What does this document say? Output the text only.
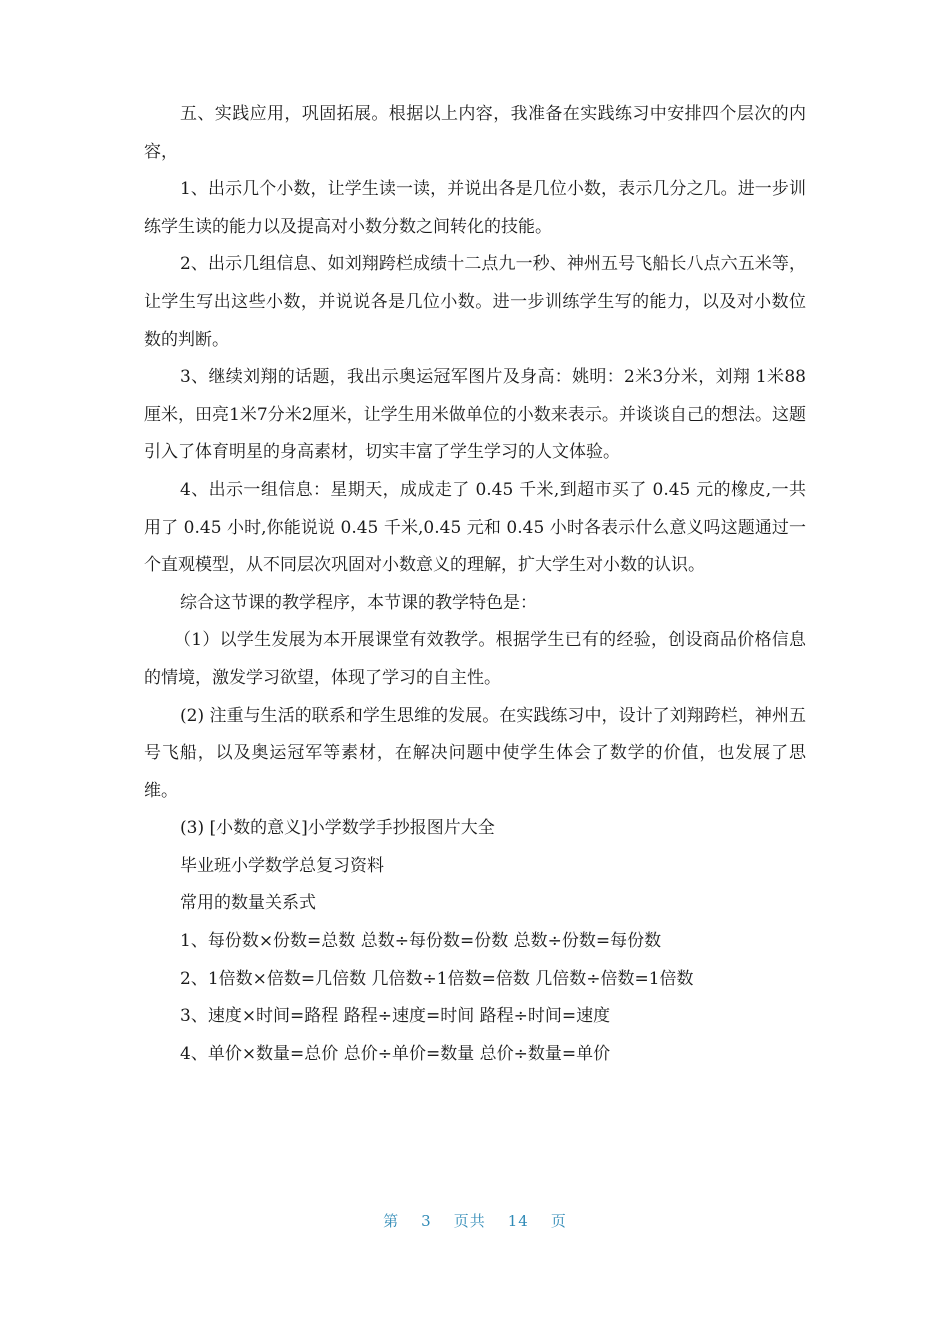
五、实践应用，巩固拓展。根据以上内容，我准备在实践练习中安排四个层次的内容，

1、出示几个小数，让学生读一读，并说出各是几位小数，表示几分之几。进一步训练学生读的能力以及提高对小数分数之间转化的技能。

2、出示几组信息、如刘翔跨栏成绩十二点九一秒、神州五号飞船长八点六五米等，让学生写出这些小数，并说说各是几位小数。进一步训练学生写的能力，以及对小数位数的判断。

3、继续刘翔的话题，我出示奥运冠军图片及身高：姚明：2米3分米，刘翔 1米88厘米，田亮1米7分米2厘米，让学生用米做单位的小数来表示。并谈谈自己的想法。这题引入了体育明星的身高素材，切实丰富了学生学习的人文体验。

4、出示一组信息：星期天，成成走了 0.45 千米,到超市买了 0.45 元的橡皮,一共用了 0.45 小时,你能说说 0.45 千米,0.45 元和 0.45 小时各表示什么意义吗这题通过一个直观模型，从不同层次巩固对小数意义的理解，扩大学生对小数的认识。

综合这节课的教学程序，本节课的教学特色是：

（1）以学生发展为本开展课堂有效教学。根据学生已有的经验，创设商品价格信息的情境，激发学习欲望，体现了学习的自主性。

(2) 注重与生活的联系和学生思维的发展。在实践练习中，设计了刘翔跨栏，神州五号飞船，以及奥运冠军等素材，在解决问题中使学生体会了数学的价值，也发展了思维。

(3) [小数的意义]小学数学手抄报图片大全

毕业班小学数学总复习资料

常用的数量关系式

1、每份数×份数=总数 总数÷每份数=份数 总数÷份数=每份数

2、1倍数×倍数=几倍数 几倍数÷1倍数=倍数 几倍数÷倍数=1倍数

3、速度×时间=路程 路程÷速度=时间 路程÷时间=速度

4、单价×数量=总价 总价÷单价=数量 总价÷数量=单价

第 3 页共 14 页
